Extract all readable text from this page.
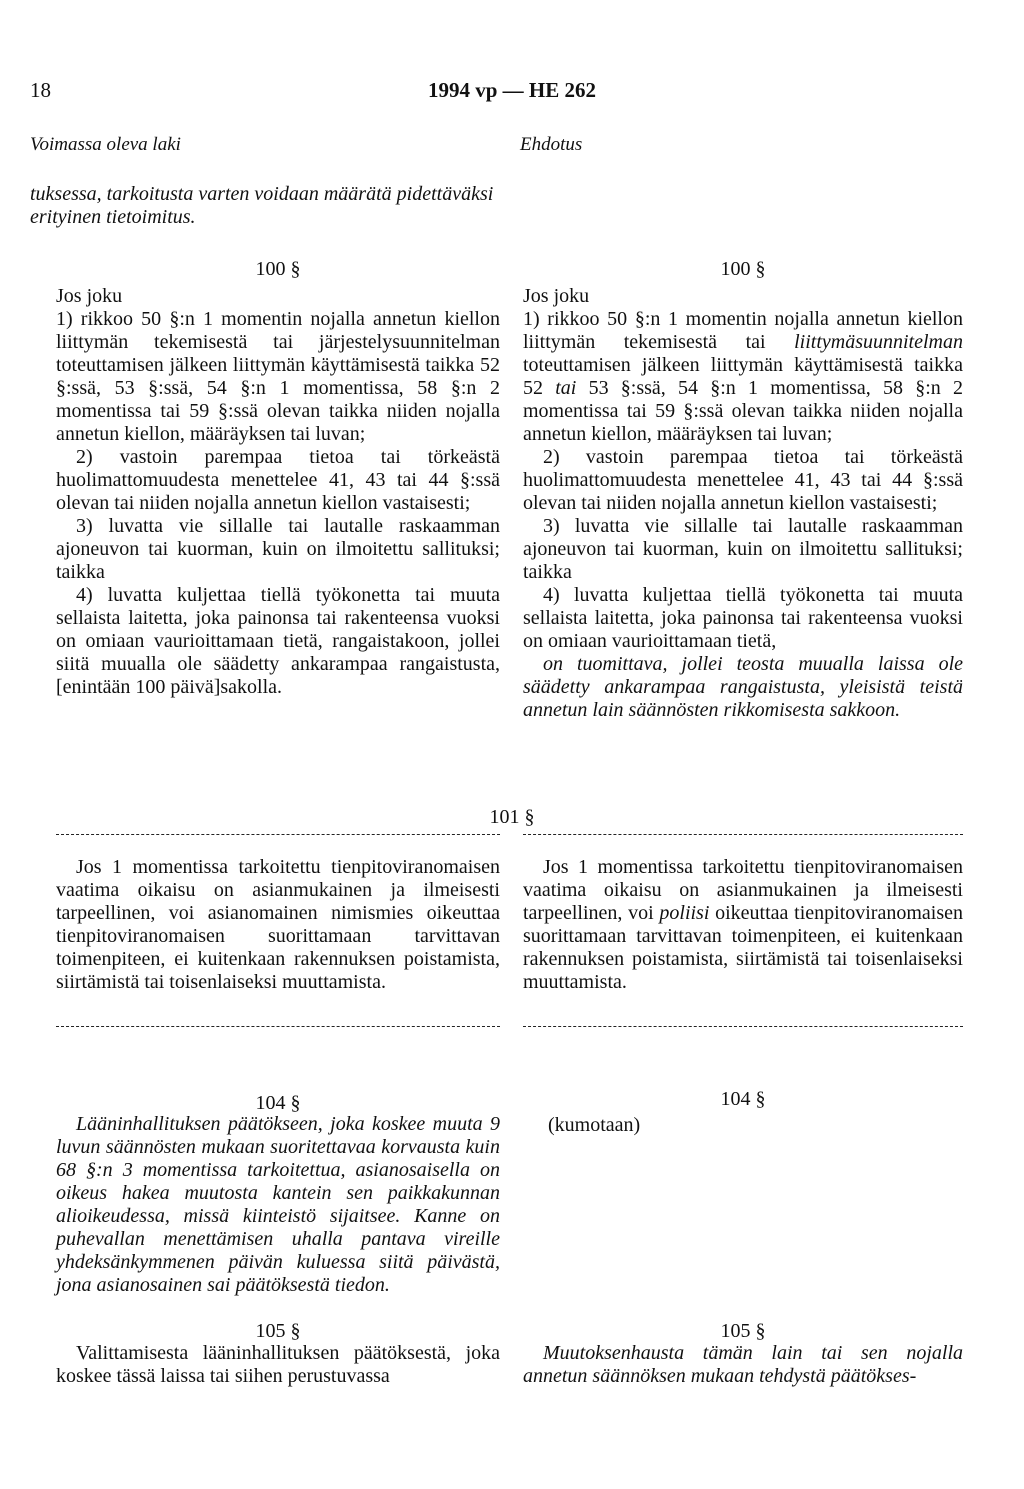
18	1994 vp — HE 262
Voimassa oleva laki	Ehdotus
tuksessa, tarkoitusta varten voidaan määrätä pidettäväksi erityinen tietoimitus.
100 §

Jos joku

1) rikkoo 50 §:n 1 momentin nojalla annetun kiellon liittymän tekemisestä tai järjestelysuunnitelman toteuttamisen jälkeen liittymän käyttämisestä taikka 52 §:ssä, 53 §:ssä, 54 §:n 1 momentissa, 58 §:n 2 momentissa tai 59 §:ssä olevan taikka niiden nojalla annetun kiellon, määräyksen tai luvan;

2) vastoin parempaa tietoa tai törkeästä huolimattomuudesta menettelee 41, 43 tai 44 §:ssä olevan tai niiden nojalla annetun kiellon vastaisesti;

3) luvatta vie sillalle tai lautalle raskaamman ajoneuvon tai kuorman, kuin on ilmoitettu sallituksi; taikka

4) luvatta kuljettaa tiellä työkonetta tai muuta sellaista laitetta, joka painonsa tai rakenteensa vuoksi on omiaan vaurioittamaan tietä, rangaistakoon, jollei siitä muualla ole säädetty ankarampaa rangaistusta, [enintään 100 päivä]sakolla.

101 §
Jos 1 momentissa tarkoitettu tienpitoviranomaisen vaatima oikaisu on asianmukainen ja ilmeisesti tarpeellinen, voi asianomainen nimismies oikeuttaa tienpitoviranomaisen suorittamaan tarvittavan toimenpiteen, ei kuitenkaan rakennuksen poistamista, siirtämistä tai toisenlaiseksi muuttamista.
104 §
Lääninhallituksen päätökseen, joka koskee muuta 9 luvun säännösten mukaan suoritettavaa korvausta kuin 68 §:n 3 momentissa tarkoitettua, asianosaisella on oikeus hakea muutosta kantein sen paikkakunnan alioikeudessa, missä kiinteistö sijaitsee. Kanne on puhevallan menettämisen uhalla pantava vireille yhdeksänkymmenen päivän kuluessa siitä päivästä, jona asianosainen sai päätöksestä tiedon.
105 §
Valittamisesta lääninhallituksen päätöksestä, joka koskee tässä laissa tai siihen perustuvassa
100 §

Jos joku

1) rikkoo 50 §:n 1 momentin nojalla annetun kiellon liittymän tekemisestä tai liittymäsuunnitelman toteuttamisen jälkeen liittymän käyttämisestä taikka 52 tai 53 §:ssä, 54 §:n 1 momentissa, 58 §:n 2 momentissa tai 59 §:ssä olevan taikka niiden nojalla annetun kiellon, määräyksen tai luvan;

2) vastoin parempaa tietoa tai törkeästä huolimattomuudesta menettelee 41, 43 tai 44 §:ssä olevan tai niiden nojalla annetun kiellon vastaisesti;

3) luvatta vie sillalle tai lautalle raskaamman ajoneuvon tai kuorman, kuin on ilmoitettu sallituksi; taikka

4) luvatta kuljettaa tiellä työkonetta tai muuta sellaista laitetta, joka painonsa tai rakenteensa vuoksi on omiaan vaurioittamaan tietä,

on tuomittava, jollei teosta muualla laissa ole säädetty ankarampaa rangaistusta, yleisistä teistä annetun lain säännösten rikkomisesta sakkoon.

Jos 1 momentissa tarkoitettu tienpitoviranomaisen vaatima oikaisu on asianmukainen ja ilmeisesti tarpeellinen, voi poliisi oikeuttaa tienpitoviranomaisen suorittamaan tarvittavan toimenpiteen, ei kuitenkaan rakennuksen poistamista, siirtämistä tai toisenlaiseksi muuttamista.
104 §
(kumotaan)
105 §
Muutoksenhausta tämän lain tai sen nojalla annetun säännöksen mukaan tehdystä päätökses-
